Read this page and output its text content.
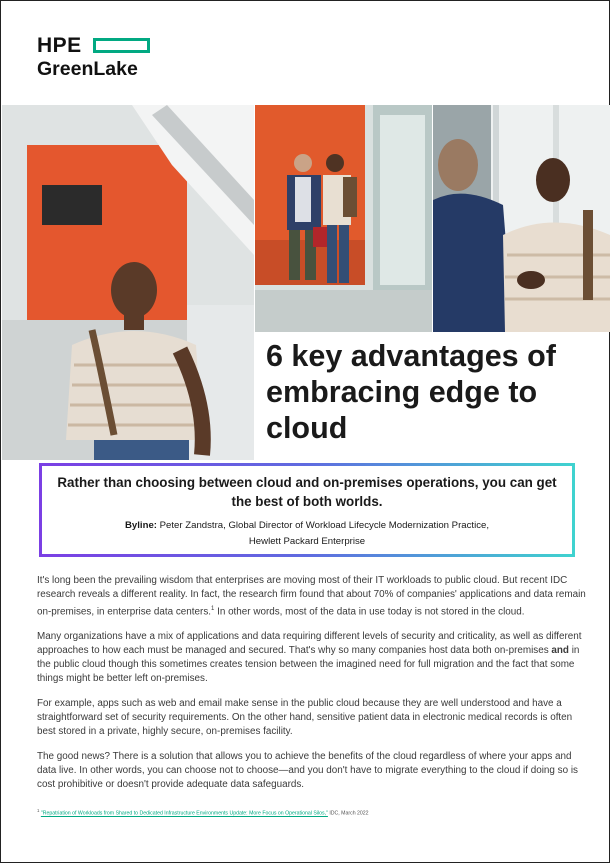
HPE
GreenLake
6 key advantages of
embracing edge to
cloud
Rather than choosing between cloud and on-premises operations, you can get the best of both worlds.
Byline: Peter Zandstra, Global Director of Workload Lifecycle Modernization Practice,
Hewlett Packard Enterprise

It's long been the prevailing wisdom that enterprises are moving most of their IT workloads to public cloud. But recent IDC research reveals a different reality. In fact, the research firm found that about 70% of companies' applications and data remain on-premises, in enterprise data centers.$^1$ In other words, most of the data in use today is not stored in the cloud.

Many organizations have a mix of applications and data requiring different levels of security and criticality, as well as different approaches to how each must be managed and secured. That's why so many companies host data both on-premises and in the public cloud though this sometimes creates tension between the imagined need for full migration and the fact that some things might be better left on-premises.

For example, apps such as web and email make sense in the public cloud because they are well understood and have a straightforward set of security requirements. On the other hand, sensitive patient data in electronic medical records is often best stored in a private, highly secure, on-premises facility.

The good news? There is a solution that allows you to achieve the benefits of the cloud regardless of where your apps and data live. In other words, you can choose not to choose—and you don't have to migrate everything to the cloud if doing so is cost prohibitive or doesn't provide adequate data safeguards.

$^1$ "Repatriation of Workloads from Shared to Dedicated Infrastructure Environments Update: More Focus on Operational Silos," IDC, March 2022
